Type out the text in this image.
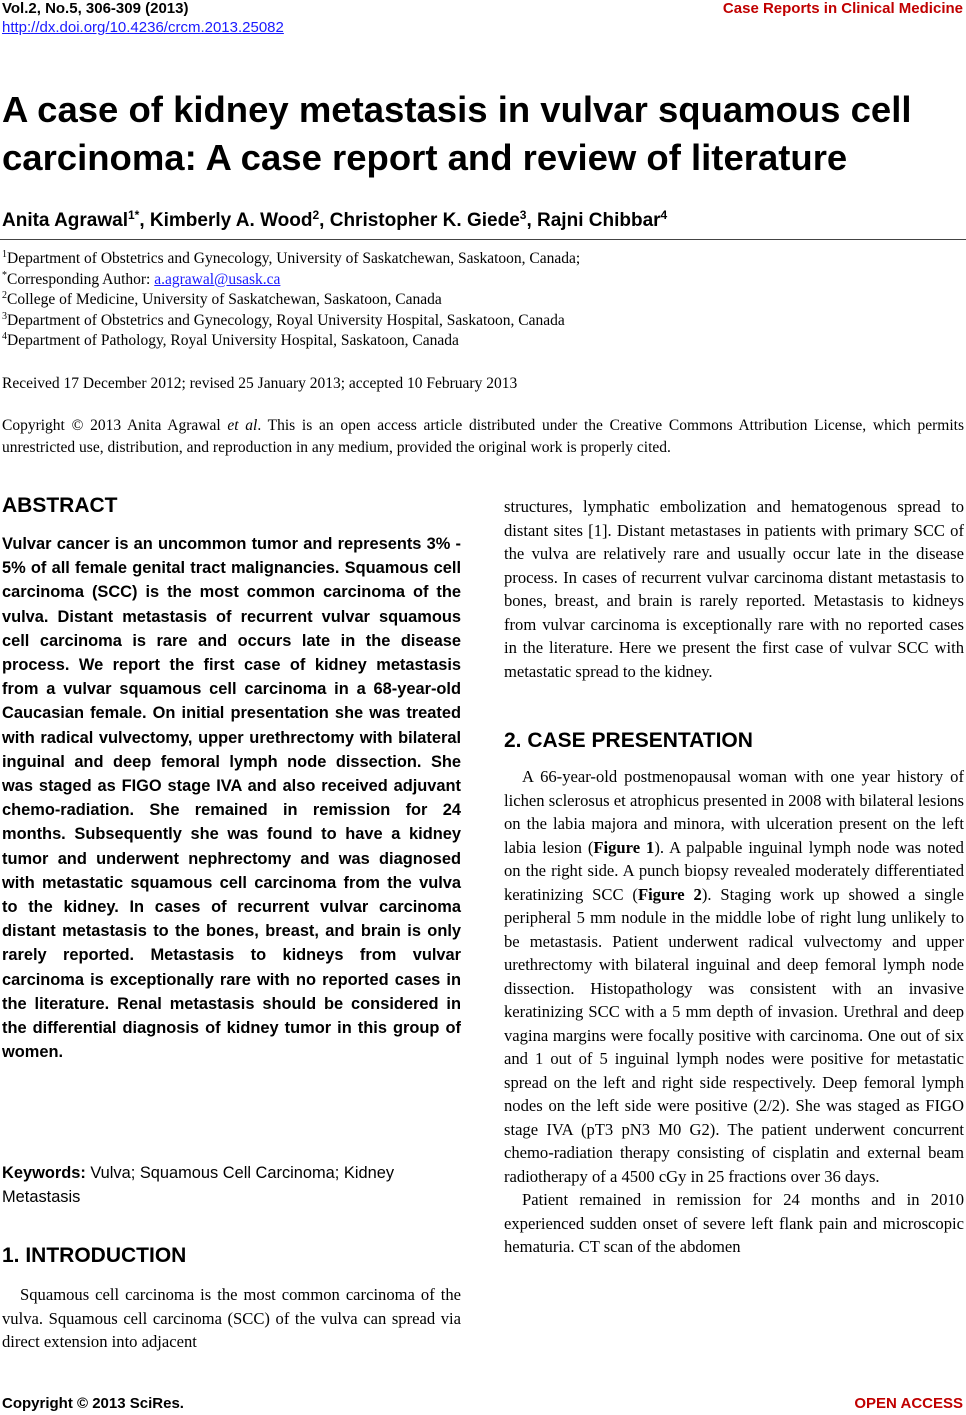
Vol.2, No.5, 306-309 (2013)
http://dx.doi.org/10.4236/crcm.2013.25082
Case Reports in Clinical Medicine
A case of kidney metastasis in vulvar squamous cell carcinoma: A case report and review of literature
Anita Agrawal$^{1*}$, Kimberly A. Wood$^2$, Christopher K. Giede$^3$, Rajni Chibbar$^4$
$^1$Department of Obstetrics and Gynecology, University of Saskatchewan, Saskatoon, Canada;
*Corresponding Author: a.agrawal@usask.ca
$^2$College of Medicine, University of Saskatchewan, Saskatoon, Canada
$^3$Department of Obstetrics and Gynecology, Royal University Hospital, Saskatoon, Canada
$^4$Department of Pathology, Royal University Hospital, Saskatoon, Canada
Received 17 December 2012; revised 25 January 2013; accepted 10 February 2013
Copyright © 2013 Anita Agrawal et al. This is an open access article distributed under the Creative Commons Attribution License, which permits unrestricted use, distribution, and reproduction in any medium, provided the original work is properly cited.
ABSTRACT
Vulvar cancer is an uncommon tumor and represents 3% - 5% of all female genital tract malignancies. Squamous cell carcinoma (SCC) is the most common carcinoma of the vulva. Distant metastasis of recurrent vulvar squamous cell carcinoma is rare and occurs late in the disease process. We report the first case of kidney metastasis from a vulvar squamous cell carcinoma in a 68-year-old Caucasian female. On initial presentation she was treated with radical vulvectomy, upper urethrectomy with bilateral inguinal and deep femoral lymph node dissection. She was staged as FIGO stage IVA and also received adjuvant chemo-radiation. She remained in remission for 24 months. Subsequently she was found to have a kidney tumor and underwent nephrectomy and was diagnosed with metastatic squamous cell carcinoma from the vulva to the kidney. In cases of recurrent vulvar carcinoma distant metastasis to the bones, breast, and brain is only rarely reported. Metastasis to kidneys from vulvar carcinoma is exceptionally rare with no reported cases in the literature. Renal metastasis should be considered in the differential diagnosis of kidney tumor in this group of women.
Keywords: Vulva; Squamous Cell Carcinoma; Kidney Metastasis
1. INTRODUCTION
Squamous cell carcinoma is the most common carcinoma of the vulva. Squamous cell carcinoma (SCC) of the vulva can spread via direct extension into adjacent
structures, lymphatic embolization and hematogenous spread to distant sites [1]. Distant metastases in patients with primary SCC of the vulva are relatively rare and usually occur late in the disease process. In cases of recurrent vulvar carcinoma distant metastasis to bones, breast, and brain is rarely reported. Metastasis to kidneys from vulvar carcinoma is exceptionally rare with no reported cases in the literature. Here we present the first case of vulvar SCC with metastatic spread to the kidney.
2. CASE PRESENTATION

A 66-year-old postmenopausal woman with one year history of lichen sclerosus et atrophicus presented in 2008 with bilateral lesions on the labia majora and minora, with ulceration present on the left labia lesion (Figure 1). A palpable inguinal lymph node was noted on the right side. A punch biopsy revealed moderately differentiated keratinizing SCC (Figure 2). Staging work up showed a single peripheral 5 mm nodule in the middle lobe of right lung unlikely to be metastasis. Patient underwent radical vulvectomy and upper urethrectomy with bilateral inguinal and deep femoral lymph node dissection. Histopathology was consistent with an invasive keratinizing SCC with a 5 mm depth of invasion. Urethral and deep vagina margins were focally positive with carcinoma. One out of six and 1 out of 5 inguinal lymph nodes were positive for metastatic spread on the left and right side respectively. Deep femoral lymph nodes on the left side were positive (2/2). She was staged as FIGO stage IVA (pT3 pN3 M0 G2). The patient underwent concurrent chemo-radiation therapy consisting of cisplatin and external beam radiotherapy of a 4500 cGy in 25 fractions over 36 days.

Patient remained in remission for 24 months and in 2010 experienced sudden onset of severe left flank pain and microscopic hematuria. CT scan of the abdomen

Copyright © 2013 SciRes.	OPEN ACCESS
